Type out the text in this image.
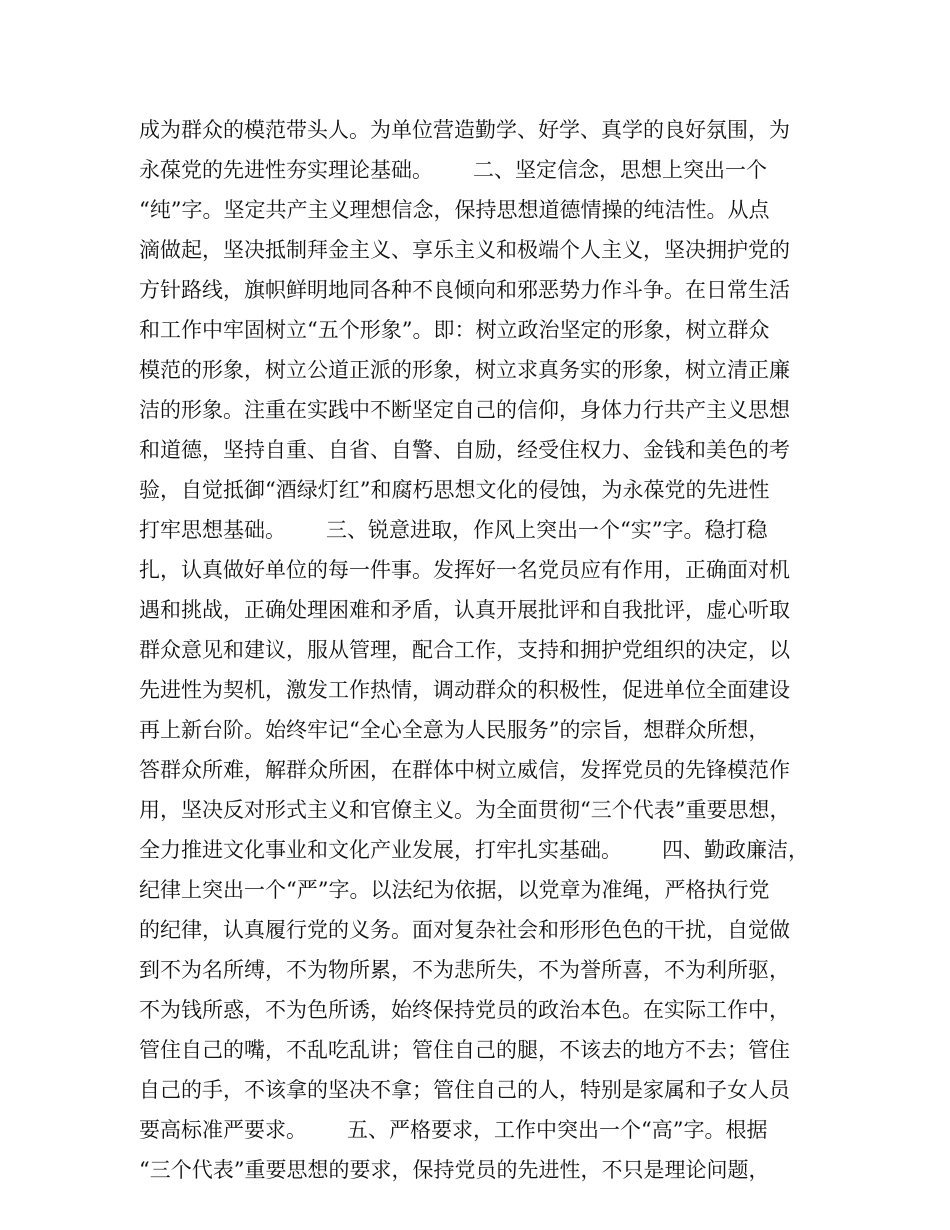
成为群众的模范带头人。为单位营造勤学、好学、真学的良好氛围，为
永葆党的先进性夯实理论基础。      二、坚定信念，思想上突出一个
“纯”字。坚定共产主义理想信念，保持思想道德情操的纯洁性。从点
滴做起，坚决抵制拜金主义、享乐主义和极端个人主义，坚决拥护党的
方针路线，旗帜鲜明地同各种不良倾向和邪恶势力作斗争。在日常生活
和工作中牢固树立“五个形象”。即：树立政治坚定的形象，树立群众
模范的形象，树立公道正派的形象，树立求真务实的形象，树立清正廉
洁的形象。注重在实践中不断坚定自己的信仰，身体力行共产主义思想
和道德，坚持自重、自省、自警、自励，经受住权力、金钱和美色的考
验，自觉抵御“酒绿灯红”和腐朽思想文化的侵蚀，为永葆党的先进性
打牢思想基础。      三、锐意进取，作风上突出一个“实”字。稳打稳
扎，认真做好单位的每一件事。发挥好一名党员应有作用，正确面对机
遇和挑战，正确处理困难和矛盾，认真开展批评和自我批评，虚心听取
群众意见和建议，服从管理，配合工作，支持和拥护党组织的决定，以
先进性为契机，激发工作热情，调动群众的积极性，促进单位全面建设
再上新台阶。始终牢记“全心全意为人民服务”的宗旨，想群众所想，
答群众所难，解群众所困，在群体中树立威信，发挥党员的先锋模范作
用，坚决反对形式主义和官僚主义。为全面贯彻“三个代表”重要思想，
全力推进文化事业和文化产业发展，打牢扎实基础。      四、勤政廉洁，
纪律上突出一个“严”字。以法纪为依据，以党章为准绳，严格执行党
的纪律，认真履行党的义务。面对复杂社会和形形色色的干扰，自觉做
到不为名所缚，不为物所累，不为悲所失，不为誉所喜，不为利所驱，
不为钱所惑，不为色所诱，始终保持党员的政治本色。在实际工作中，
管住自己的嘴，不乱吃乱讲；管住自己的腿，不该去的地方不去；管住
自己的手，不该拿的坚决不拿；管住自己的人，特别是家属和子女人员
要高标准严要求。      五、严格要求，工作中突出一个“高”字。根据
“三个代表”重要思想的要求，保持党员的先进性，不只是理论问题，
